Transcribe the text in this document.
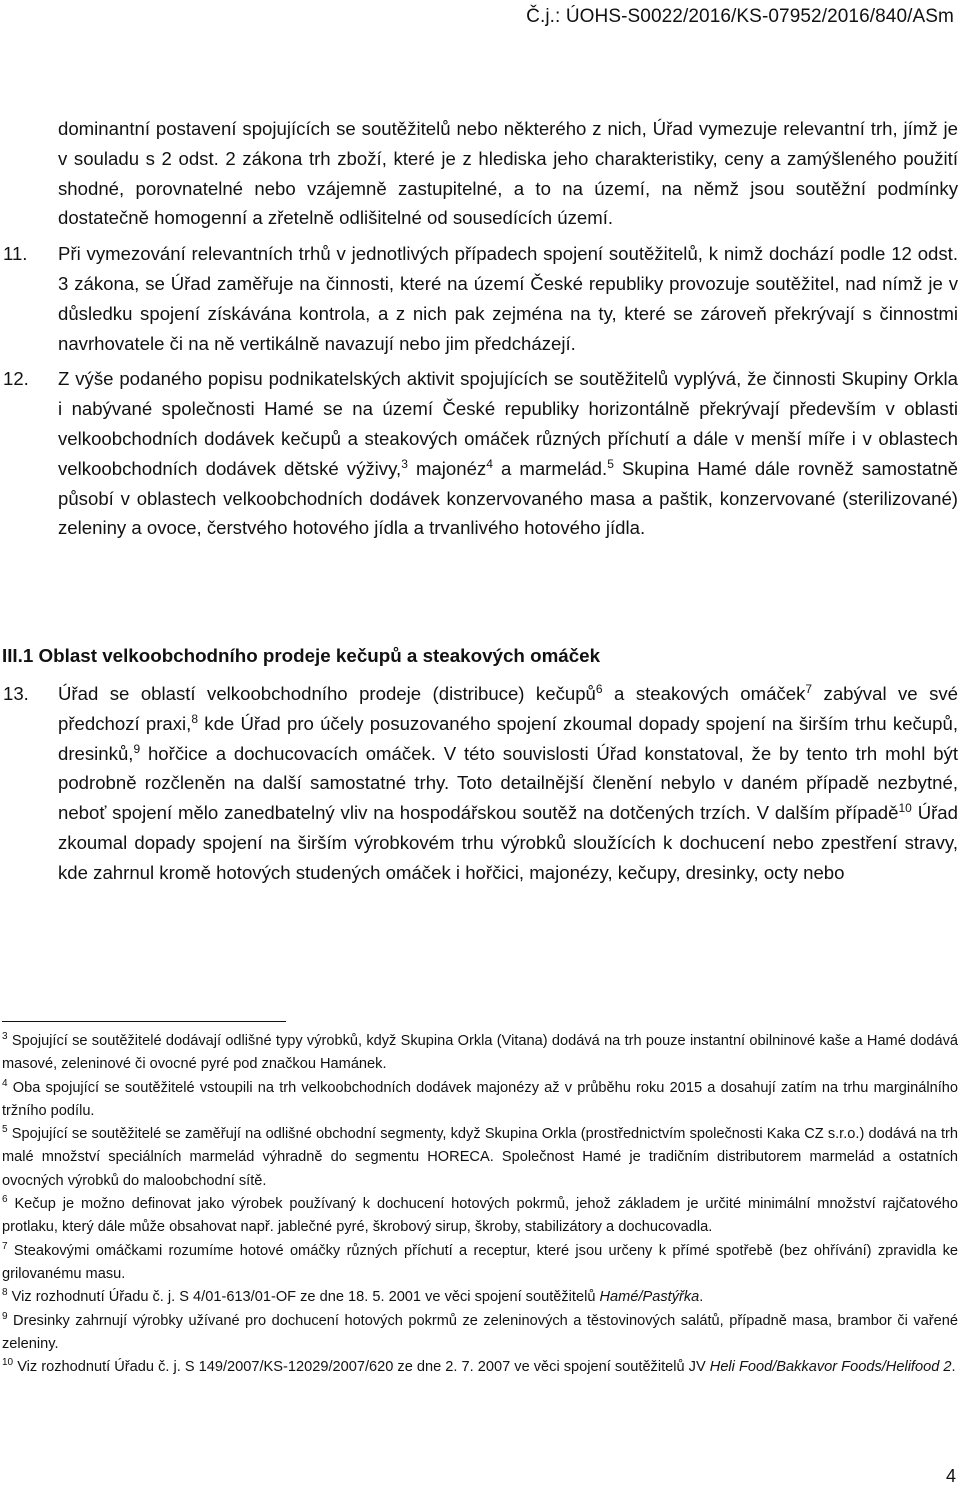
Č.j.: ÚOHS-S0022/2016/KS-07952/2016/840/ASm

dominantní postavení spojujících se soutěžitelů nebo některého z nich, Úřad vymezuje relevantní trh, jímž je v souladu s 2 odst. 2 zákona trh zboží, které je z hlediska jeho charakteristiky, ceny a zamýšleného použití shodné, porovnatelné nebo vzájemně zastupitelné, a to na území, na němž jsou soutěžní podmínky dostatečně homogenní a zřetelně odlišitelné od sousedících území.

11. Při vymezování relevantních trhů v jednotlivých případech spojení soutěžitelů, k nimž dochází podle 12 odst. 3 zákona, se Úřad zaměřuje na činnosti, které na území České republiky provozuje soutěžitel, nad nímž je v důsledku spojení získávána kontrola, a z nich pak zejména na ty, které se zároveň překrývají s činnostmi navrhovatele či na ně vertikálně navazují nebo jim předcházejí.
12. Z výše podaného popisu podnikatelských aktivit spojujících se soutěžitelů vyplývá, že činnosti Skupiny Orkla i nabývané společnosti Hamé se na území České republiky horizontálně překrývají především v oblasti velkoobchodních dodávek kečupů a steakových omáček různých příchutí a dále v menší míře i v oblastech velkoobchodních dodávek dětské výživy,$^3$ majonéz$^4$ a marmelád.$^5$ Skupina Hamé dále rovněž samostatně působí v oblastech velkoobchodních dodávek konzervovaného masa a paštik, konzervované (sterilizované) zeleniny a ovoce, čerstvého hotového jídla a trvanlivého hotového jídla.
III.1 Oblast velkoobchodního prodeje kečupů a steakových omáček
13. Úřad se oblastí velkoobchodního prodeje (distribuce) kečupů$^6$ a steakových omáček$^7$ zabýval ve své předchozí praxi,$^8$ kde Úřad pro účely posuzovaného spojení zkoumal dopady spojení na širším trhu kečupů, dresinků,$^9$ hořčice a dochucovacích omáček. V této souvislosti Úřad konstatoval, že by tento trh mohl být podrobně rozčleněn na další samostatné trhy. Toto detailnější členění nebylo v daném případě nezbytné, neboť spojení mělo zanedbatelný vliv na hospodářskou soutěž na dotčených trzích. V dalším případě$^{10}$ Úřad zkoumal dopady spojení na širším výrobkovém trhu výrobků sloužících k dochucení nebo zpestření stravy, kde zahrnul kromě hotových studených omáček i hořčici, majonézy, kečupy, dresinky, octy nebo

$^3$ Spojující se soutěžitelé dodávají odlišné typy výrobků, když Skupina Orkla (Vitana) dodává na trh pouze instantní obilninové kaše a Hamé dodává masové, zeleninové či ovocné pyré pod značkou Hamánek.

$^4$ Oba spojující se soutěžitelé vstoupili na trh velkoobchodních dodávek majonézy až v průběhu roku 2015 a dosahují zatím na trhu marginálního tržního podílu.

$^5$ Spojující se soutěžitelé se zaměřují na odlišné obchodní segmenty, když Skupina Orkla (prostřednictvím společnosti Kaka CZ s.r.o.) dodává na trh malé množství speciálních marmelád výhradně do segmentu HORECA. Společnost Hamé je tradičním distributorem marmelád a ostatních ovocných výrobků do maloobchodní sítě.

$^6$ Kečup je možno definovat jako výrobek používaný k dochucení hotových pokrmů, jehož základem je určité minimální množství rajčatového protlaku, který dále může obsahovat např. jablečné pyré, škrobový sirup, škroby, stabilizátory a dochucovadla.

$^7$ Steakovými omáčkami rozumíme hotové omáčky různých příchutí a receptur, které jsou určeny k přímé spotřebě (bez ohřívání) zpravidla ke grilovanému masu.

$^8$ Viz rozhodnutí Úřadu č. j. S 4/01-613/01-OF ze dne 18. 5. 2001 ve věci spojení soutěžitelů Hamé/Pastýřka.

$^9$ Dresinky zahrnují výrobky užívané pro dochucení hotových pokrmů ze zeleninových a těstovinových salátů, případně masa, brambor či vařené zeleniny.

$^{10}$ Viz rozhodnutí Úřadu č. j. S 149/2007/KS-12029/2007/620 ze dne 2. 7. 2007 ve věci spojení soutěžitelů JV Heli Food/Bakkavor Foods/Helifood 2.

4
